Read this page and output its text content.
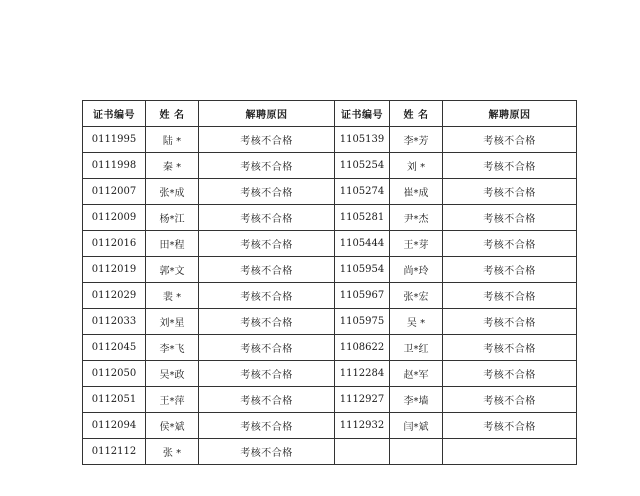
证书编号	姓 名	解聘原因	证书编号	姓 名	解聘原因
0111995	陆 *	考核不合格	1105139	李*芳	考核不合格
0111998	秦 *	考核不合格	1105254	刘 *	考核不合格
0112007	张*成	考核不合格	1105274	崔*成	考核不合格
0112009	杨*江	考核不合格	1105281	尹*杰	考核不合格
0112016	田*程	考核不合格	1105444	王*芽	考核不合格
0112019	郭*文	考核不合格	1105954	尚*玲	考核不合格
0112029	裴 *	考核不合格	1105967	张*宏	考核不合格
0112033	刘*星	考核不合格	1105975	吴 *	考核不合格
0112045	李*飞	考核不合格	1108622	卫*红	考核不合格
0112050	吴*政	考核不合格	1112284	赵*军	考核不合格
0112051	王*萍	考核不合格	1112927	李*墙	考核不合格
0112094	侯*斌	考核不合格	1112932	闫*斌	考核不合格
0112112	张 *	考核不合格			
